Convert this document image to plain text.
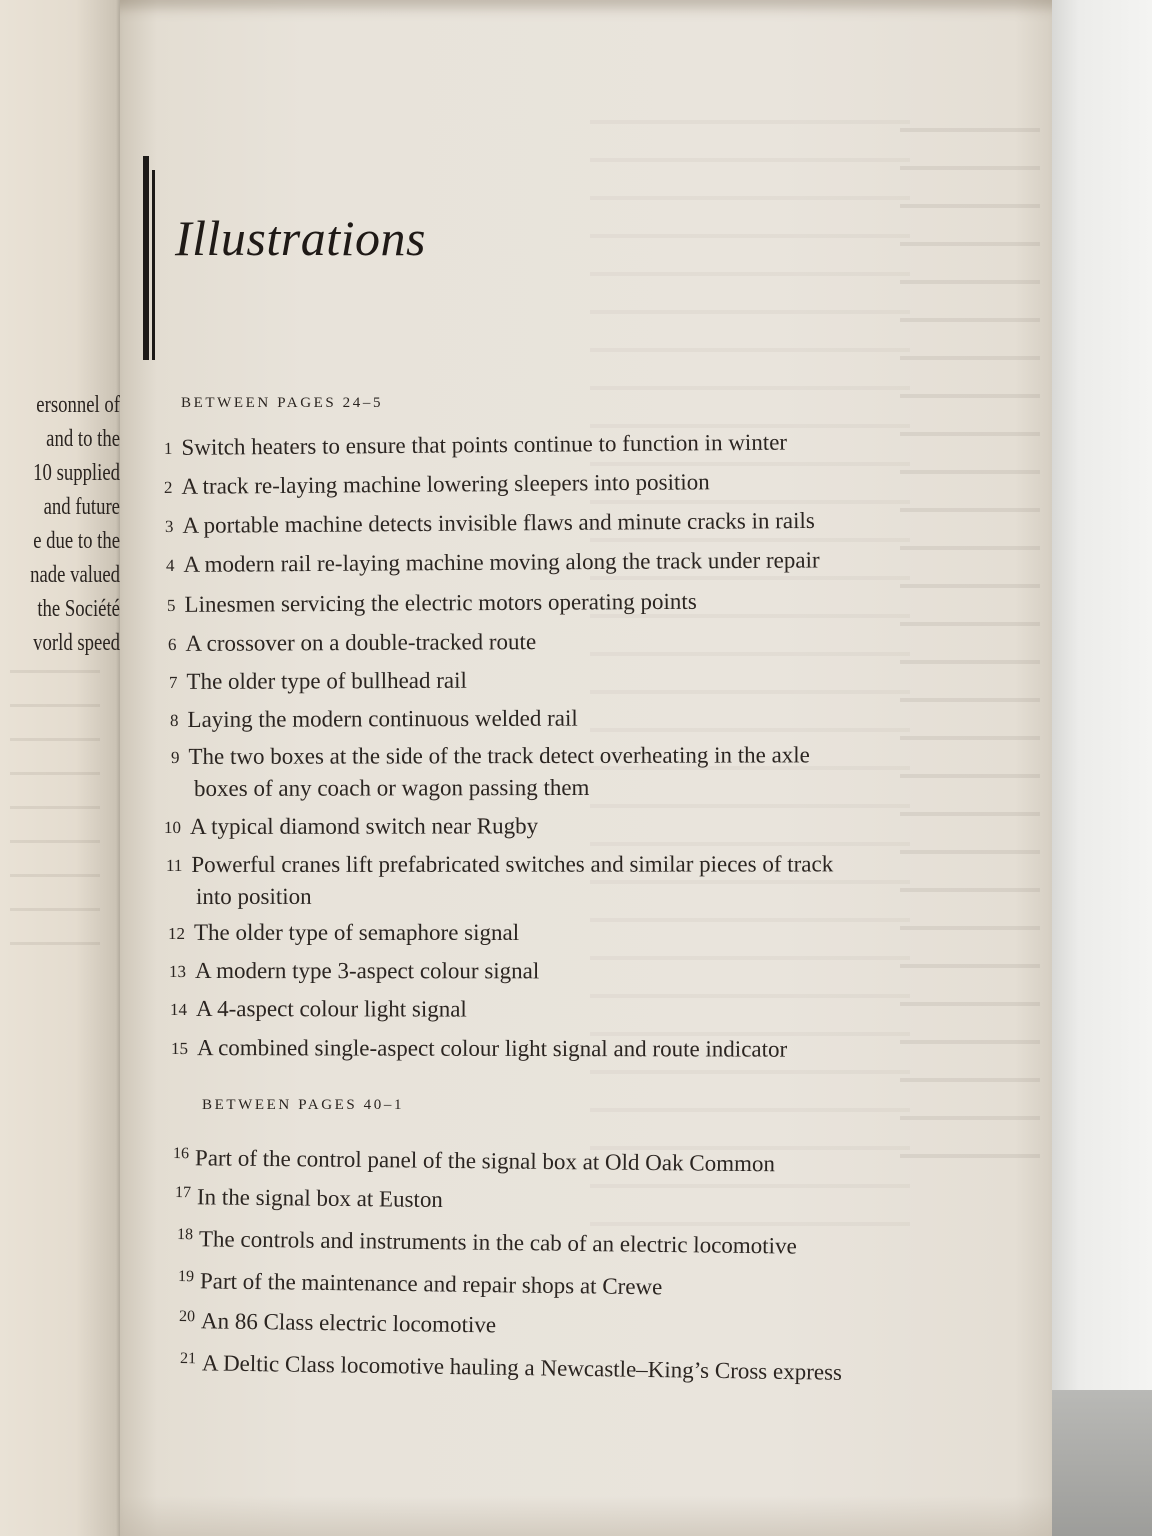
ersonnel of
and to the
10 supplied
and future
e due to the
nade valued
the Société
vorld speed
Illustrations
BETWEEN PAGES 24–5
1 Switch heaters to ensure that points continue to function in winter
2 A track re-laying machine lowering sleepers into position
3 A portable machine detects invisible flaws and minute cracks in rails
4 A modern rail re-laying machine moving along the track under repair
5 Linesmen servicing the electric motors operating points
6 A crossover on a double-tracked route
7 The older type of bullhead rail
8 Laying the modern continuous welded rail
9 The two boxes at the side of the track detect overheating in the axle
boxes of any coach or wagon passing them
10 A typical diamond switch near Rugby
11 Powerful cranes lift prefabricated switches and similar pieces of track
into position
12 The older type of semaphore signal
13 A modern type 3-aspect colour signal
14 A 4-aspect colour light signal
15 A combined single-aspect colour light signal and route indicator
BETWEEN PAGES 40–1
16 Part of the control panel of the signal box at Old Oak Common
17 In the signal box at Euston
18 The controls and instruments in the cab of an electric locomotive
19 Part of the maintenance and repair shops at Crewe
20 An 86 Class electric locomotive
21 A Deltic Class locomotive hauling a Newcastle–King’s Cross express
